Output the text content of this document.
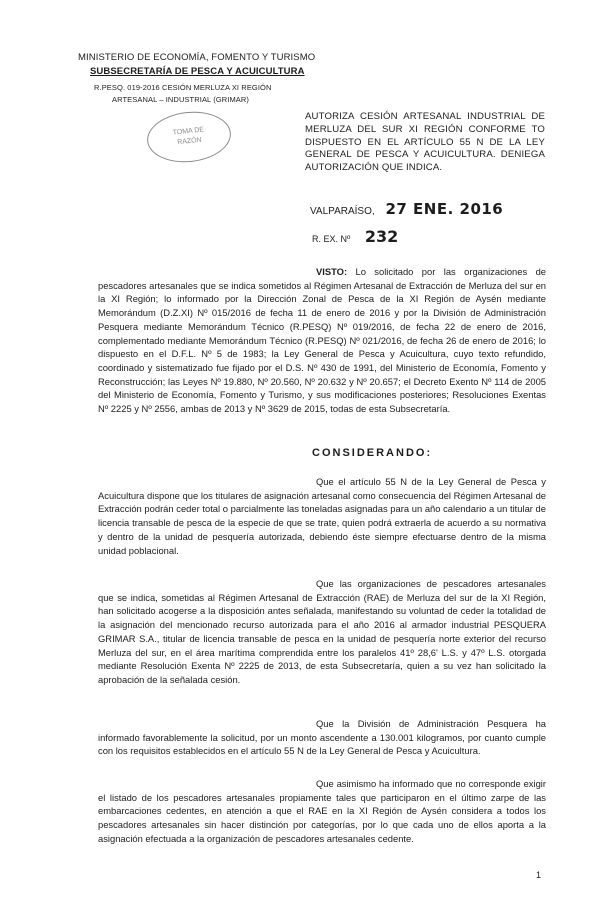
MINISTERIO DE ECONOMÍA, FOMENTO Y TURISMO
SUBSECRETARÍA DE PESCA Y ACUICULTURA
R.PESQ. 019-2016 CESIÓN MERLUZA XI REGIÓN
ARTESANAL – INDUSTRIAL (GRIMAR)
TOMA DE
RAZÓN
AUTORIZA CESIÓN ARTESANAL INDUSTRIAL DE MERLUZA DEL SUR XI REGIÓN CONFORME TO DISPUESTO EN EL ARTÍCULO 55 N DE LA LEY GENERAL DE PESCA Y ACUICULTURA. DENIEGA AUTORIZACIÓN QUE INDICA.
VALPARAÍSO, 27 ENE. 2016
R. EX. Nº 232
VISTO: Lo solicitado por las organizaciones de pescadores artesanales que se indica sometidos al Régimen Artesanal de Extracción de Merluza del sur en la XI Región; lo informado por la Dirección Zonal de Pesca de la XI Región de Aysén mediante Memorándum (D.Z.XI) Nº 015/2016 de fecha 11 de enero de 2016 y por la División de Administración Pesquera mediante Memorándum Técnico (R.PESQ) Nº 019/2016, de fecha 22 de enero de 2016, complementado mediante Memorándum Técnico (R.PESQ) Nº 021/2016, de fecha 26 de enero de 2016; lo dispuesto en el D.F.L. Nº 5 de 1983; la Ley General de Pesca y Acuicultura, cuyo texto refundido, coordinado y sistematizado fue fijado por el D.S. Nº 430 de 1991, del Ministerio de Economía, Fomento y Reconstrucción; las Leyes Nº 19.880, Nº 20.560, Nº 20.632 y Nº 20.657; el Decreto Exento Nº 114 de 2005 del Ministerio de Economía, Fomento y Turismo, y sus modificaciones posteriores; Resoluciones Exentas Nº 2225 y Nº 2556, ambas de 2013 y Nº 3629 de 2015, todas de esta Subsecretaría.
CONSIDERANDO:
Que el artículo 55 N de la Ley General de Pesca y Acuicultura dispone que los titulares de asignación artesanal como consecuencia del Régimen Artesanal de Extracción podrán ceder total o parcialmente las toneladas asignadas para un año calendario a un titular de licencia transable de pesca de la especie de que se trate, quien podrá extraerla de acuerdo a su normativa y dentro de la unidad de pesquería autorizada, debiendo éste siempre efectuarse dentro de la misma unidad poblacional.
Que las organizaciones de pescadores artesanales que se indica, sometidas al Régimen Artesanal de Extracción (RAE) de Merluza del sur de la XI Región, han solicitado acogerse a la disposición antes señalada, manifestando su voluntad de ceder la totalidad de la asignación del mencionado recurso autorizada para el año 2016 al armador industrial PESQUERA GRIMAR S.A., titular de licencia transable de pesca en la unidad de pesquería norte exterior del recurso Merluza del sur, en el área marítima comprendida entre los paralelos 41º 28,6' L.S. y 47º L.S. otorgada mediante Resolución Exenta Nº 2225 de 2013, de esta Subsecretaría, quien a su vez han solicitado la aprobación de la señalada cesión.
Que la División de Administración Pesquera ha informado favorablemente la solicitud, por un monto ascendente a 130.001 kilogramos, por cuanto cumple con los requisitos establecidos en el artículo 55 N de la Ley General de Pesca y Acuicultura.
Que asimismo ha informado que no corresponde exigir el listado de los pescadores artesanales propiamente tales que participaron en el último zarpe de las embarcaciones cedentes, en atención a que el RAE en la XI Región de Aysén considera a todos los pescadores artesanales sin hacer distinción por categorías, por lo que cada uno de ellos aporta a la asignación efectuada a la organización de pescadores artesanales cedente.
1
